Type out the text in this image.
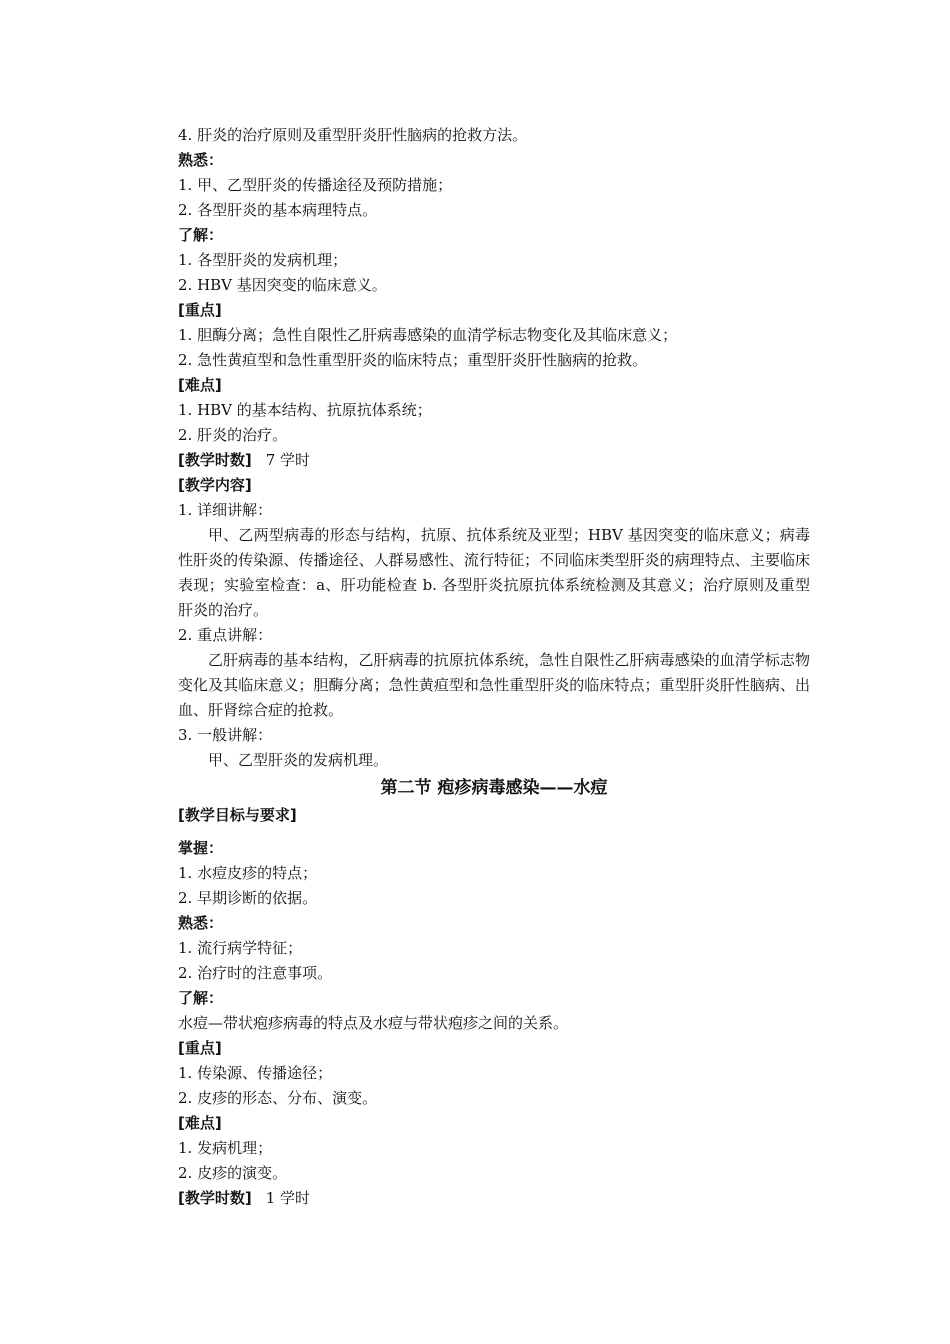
4. 肝炎的治疗原则及重型肝炎肝性脑病的抢救方法。
熟悉：
1. 甲、乙型肝炎的传播途径及预防措施；
2. 各型肝炎的基本病理特点。
了解：
1. 各型肝炎的发病机理；
2. HBV 基因突变的临床意义。
[重点]
1. 胆酶分离；急性自限性乙肝病毒感染的血清学标志物变化及其临床意义；
2. 急性黄疸型和急性重型肝炎的临床特点；重型肝炎肝性脑病的抢救。
[难点]
1. HBV 的基本结构、抗原抗体系统；
2. 肝炎的治疗。
[教学时数] 7 学时
[教学内容]
1. 详细讲解：
甲、乙两型病毒的形态与结构，抗原、抗体系统及亚型；HBV 基因突变的临床意义；病毒性肝炎的传染源、传播途径、人群易感性、流行特征；不同临床类型肝炎的病理特点、主要临床表现；实验室检查：a、肝功能检查 b. 各型肝炎抗原抗体系统检测及其意义；治疗原则及重型肝炎的治疗。
2. 重点讲解：
乙肝病毒的基本结构，乙肝病毒的抗原抗体系统，急性自限性乙肝病毒感染的血清学标志物变化及其临床意义；胆酶分离；急性黄疸型和急性重型肝炎的临床特点；重型肝炎肝性脑病、出血、肝肾综合症的抢救。
3. 一般讲解：
甲、乙型肝炎的发病机理。
第二节 疱疹病毒感染——水痘
[教学目标与要求]
掌握：
1. 水痘皮疹的特点；
2. 早期诊断的依据。
熟悉：
1. 流行病学特征；
2. 治疗时的注意事项。
了解：
水痘—带状疱疹病毒的特点及水痘与带状疱疹之间的关系。
[重点]
1. 传染源、传播途径；
2. 皮疹的形态、分布、演变。
[难点]
1. 发病机理；
2. 皮疹的演变。
[教学时数] 1 学时
